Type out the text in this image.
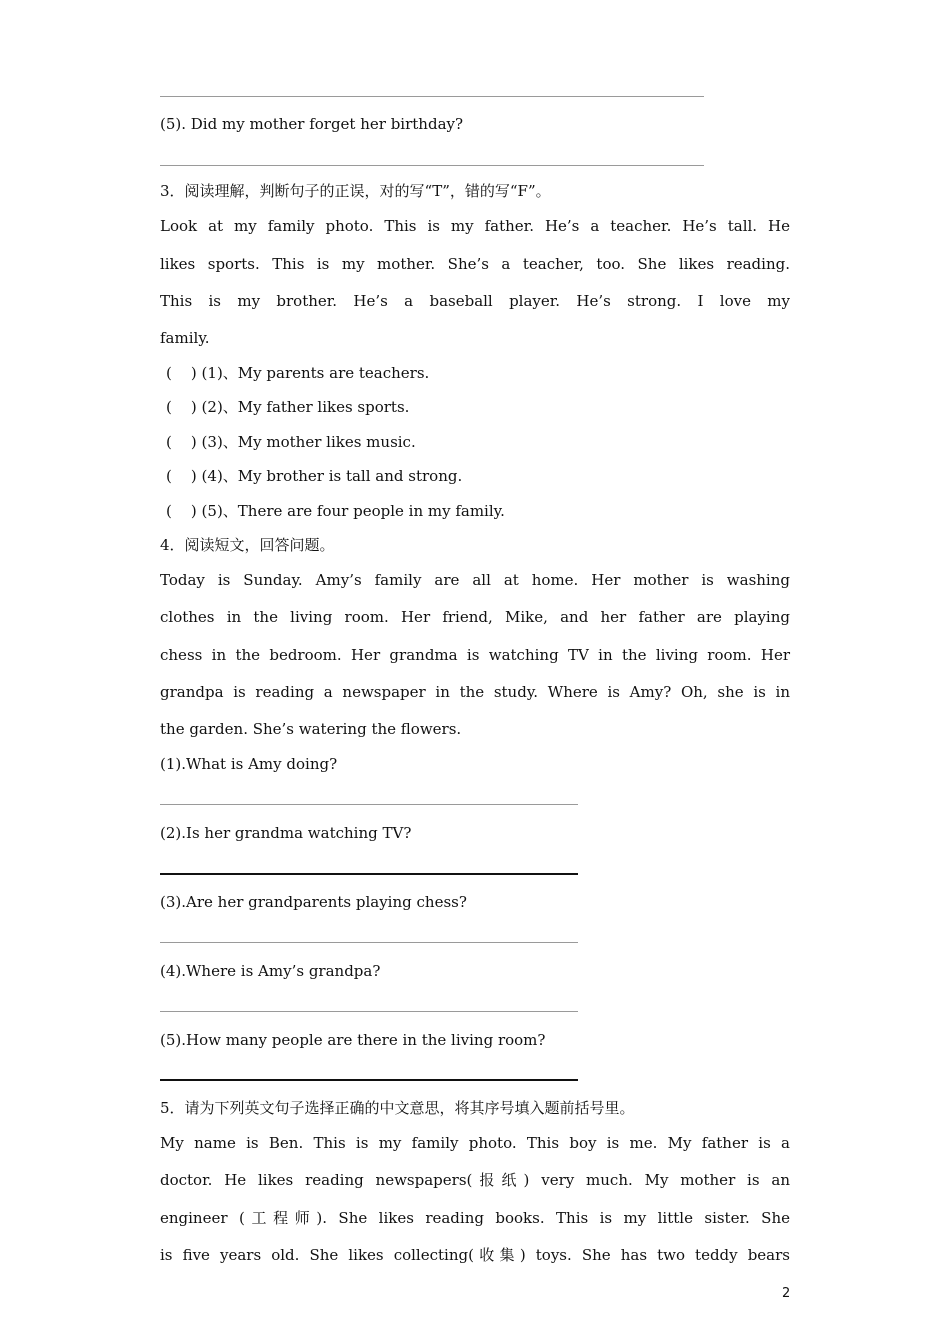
(5). Did my mother forget her birthday?
3．阅读理解，判断句子的正误，对的写“T”，错的写“F”。
Look at my family photo. This is my father. He’s a teacher. He’s tall. He
likes sports. This is my mother. She’s a teacher, too. She likes reading.
This is my brother. He’s a baseball player. He’s strong. I love my
family.
(    ) (1)、My parents are teachers.
(    ) (2)、My father likes sports.
(    ) (3)、My mother likes music.
(    ) (4)、My brother is tall and strong.
(    ) (5)、There are four people in my family.
4．阅读短文，回答问题。
Today is Sunday. Amy’s family are all at home. Her mother is washing
clothes in the living room. Her friend, Mike, and her father are playing
chess in the bedroom. Her grandma is watching TV in the living room. Her
grandpa is reading a newspaper in the study. Where is Amy? Oh, she is in
the garden. She’s watering the flowers.
(1).What is Amy doing?
(2).Is her grandma watching TV?
(3).Are her grandparents playing chess?
(4).Where is Amy’s grandpa?
(5).How many people are there in the living room?
5．请为下列英文句子选择正确的中文意思，将其序号填入题前括号里。
My name is Ben. This is my family photo. This boy is me. My father is a
doctor. He likes reading newspapers(报纸) very much. My mother is an
engineer (工程师). She likes reading books. This is my little sister. She
is five years old. She likes collecting(收集) toys. She has two teddy bears
2
